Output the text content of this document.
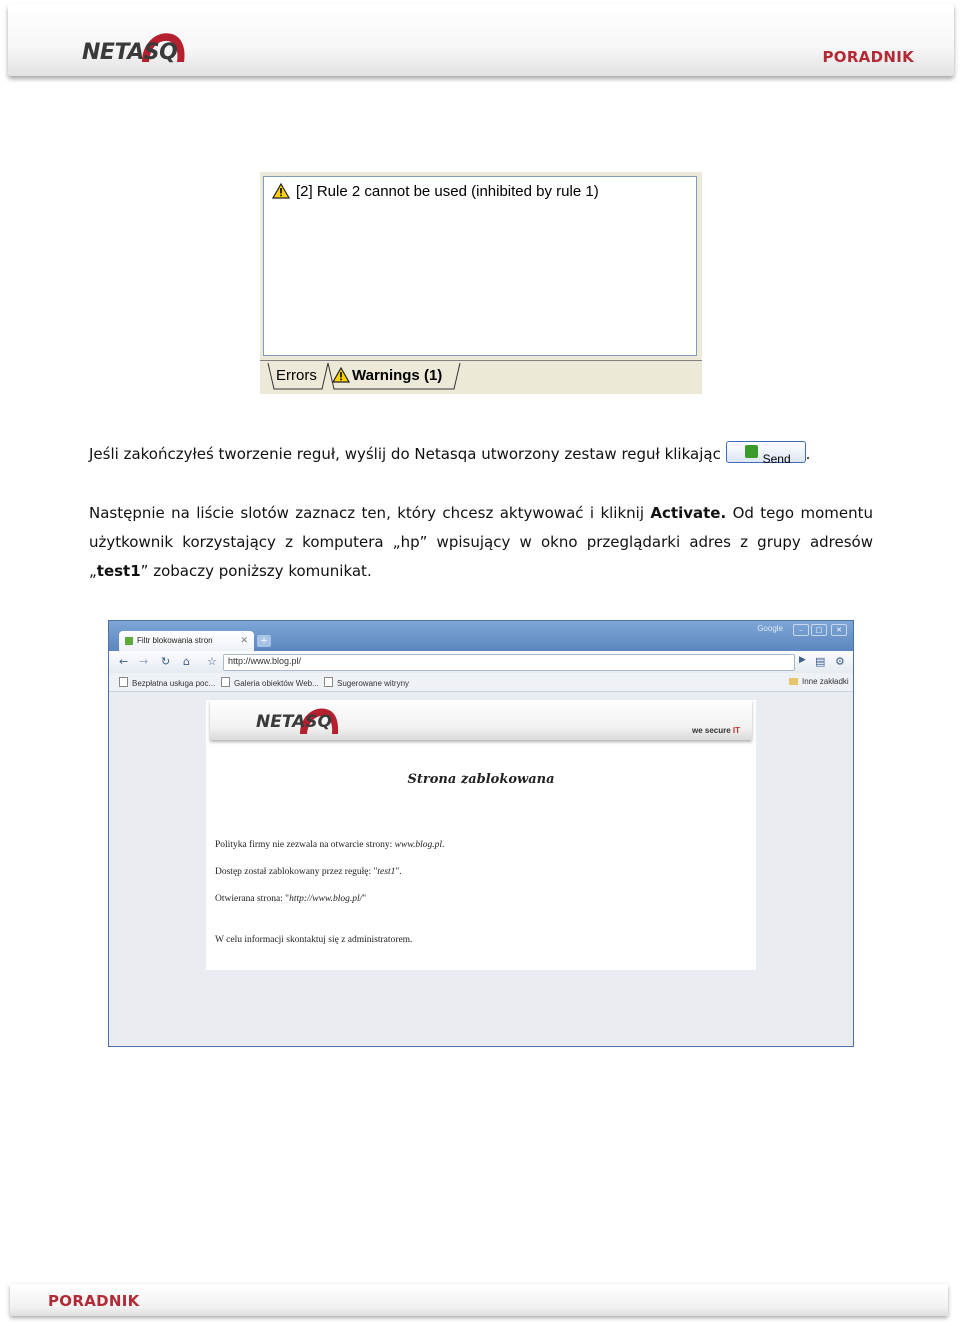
NETASQ	PORADNIK
[2] Rule 2 cannot be used (inhibited by rule 1)
Errors	Warnings (1)
Jeśli zakończyłeś tworzenie reguł, wyślij do Netasqa utworzony zestaw reguł klikając	Send .
Następnie na liście slotów zaznacz ten, który chcesz aktywować i kliknij Activate. Od tego momentu użytkownik korzystający z komputera „hp” wpisujący w okno przeglądarki adres z grupy adresów „test1” zobaczy poniższy komunikat.
Filtr blokowania stron	✕	+
Google	–	□	✕
← → ↻ ⌂ ☆ http://www.blog.pl/	▶ ▤ ⚙
Bezpłatna usługa poc...	Galeria obiektów Web...	Sugerowane witryny	Inne zakładki
NETASQ	we secure IT
Strona zablokowana
Polityka firmy nie zezwala na otwarcie strony: www.blog.pl.
Dostęp został zablokowany przez regułę: "test1".
Otwierana strona: "http://www.blog.pl/"
W celu informacji skontaktuj się z administratorem.
PORADNIK
